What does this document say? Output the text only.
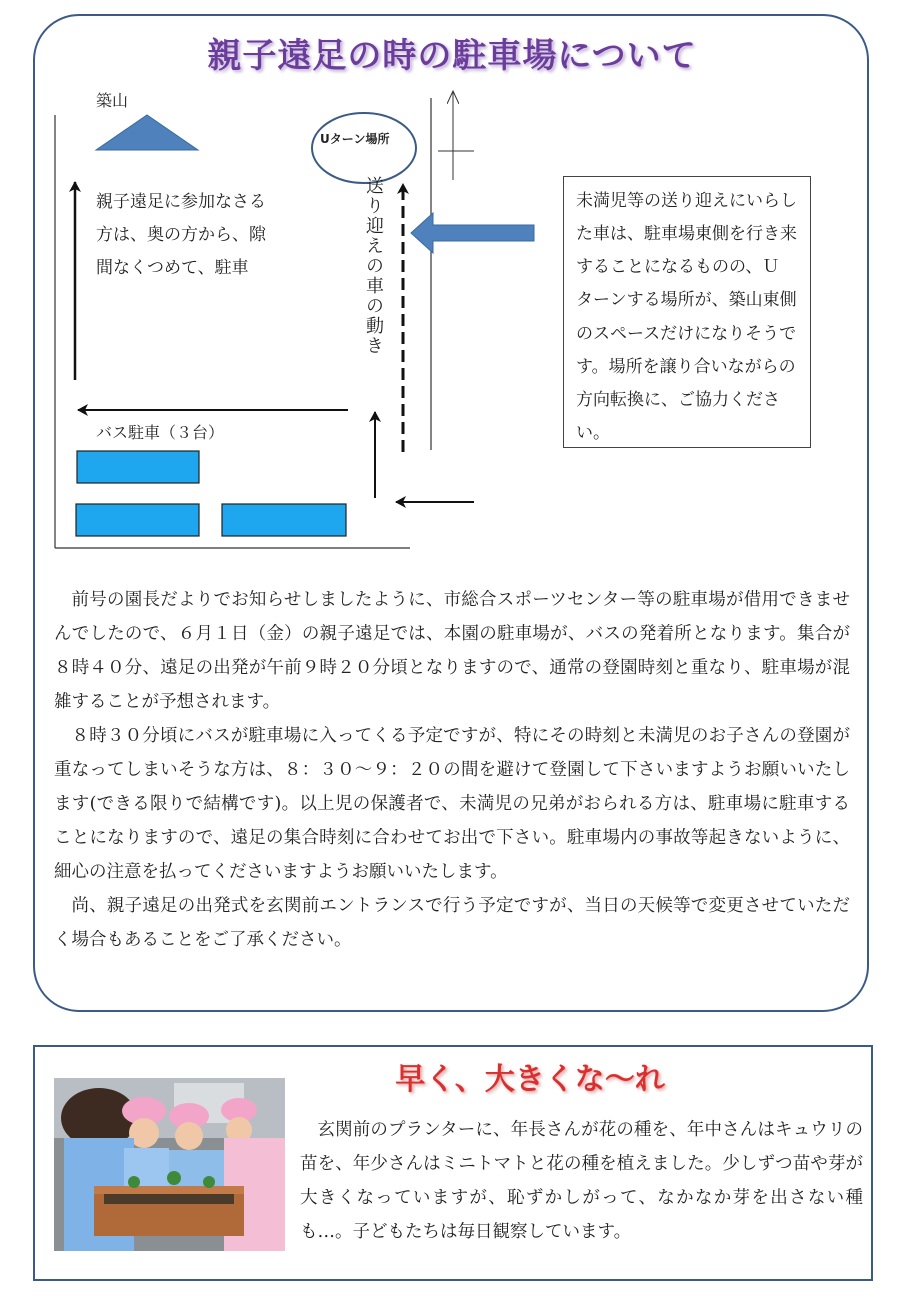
親子遠足の時の駐車場について
築山
Uターン場所
親子遠足に参加なさる方は、奥の方から、隙間なくつめて、駐車	送り迎えの車の動き
バス駐車（３台）
未満児等の送り迎えにいらした車は、駐車場東側を行き来することになるものの、Ｕ ターンする場所が、築山東側のスペースだけになりそうです。場所を譲り合いながらの方向転換に、ご協力ください。

前号の園長だよりでお知らせしましたように、市総合スポーツセンター等の駐車場が借用できませんでしたので、６月１日（金）の親子遠足では、本園の駐車場が、バスの発着所となります。集合が８時４０分、遠足の出発が午前９時２０分頃となりますので、通常の登園時刻と重なり、駐車場が混雑することが予想されます。

８時３０分頃にバスが駐車場に入ってくる予定ですが、特にその時刻と未満児のお子さんの登園が重なってしまいそうな方は、８：３０～９：２０の間を避けて登園して下さいますようお願いいたします(できる限りで結構です)。以上児の保護者で、未満児の兄弟がおられる方は、駐車場に駐車することになりますので、遠足の集合時刻に合わせてお出で下さい。駐車場内の事故等起きないように、細心の注意を払ってくださいますようお願いいたします。

尚、親子遠足の出発式を玄関前エントランスで行う予定ですが、当日の天候等で変更させていただく場合もあることをご了承ください。

早く、大きくな～れ

玄関前のプランターに、年長さんが花の種を、年中さんはキュウリの苗を、年少さんはミニトマトと花の種を植えました。少しずつ苗や芽が大きくなっていますが、恥ずかしがって、なかなか芽を出さない種も…。子どもたちは毎日観察しています。
